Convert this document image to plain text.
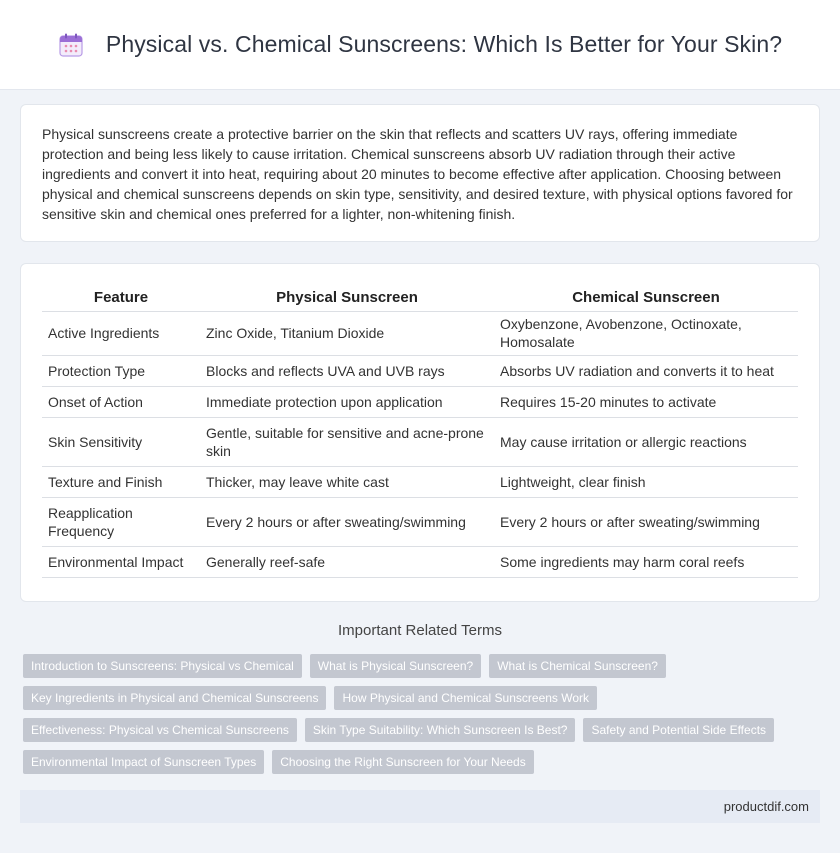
Physical vs. Chemical Sunscreens: Which Is Better for Your Skin?

Physical sunscreens create a protective barrier on the skin that reflects and scatters UV rays, offering immediate protection and being less likely to cause irritation. Chemical sunscreens absorb UV radiation through their active ingredients and convert it into heat, requiring about 20 minutes to become effective after application. Choosing between physical and chemical sunscreens depends on skin type, sensitivity, and desired texture, with physical options favored for sensitive skin and chemical ones preferred for a lighter, non-whitening finish.

Feature	Physical Sunscreen	Chemical Sunscreen
Active Ingredients	Zinc Oxide, Titanium Dioxide	Oxybenzone, Avobenzone, Octinoxate, Homosalate
Protection Type	Blocks and reflects UVA and UVB rays	Absorbs UV radiation and converts it to heat
Onset of Action	Immediate protection upon application	Requires 15-20 minutes to activate
Skin Sensitivity	Gentle, suitable for sensitive and acne-prone skin	May cause irritation or allergic reactions
Texture and Finish	Thicker, may leave white cast	Lightweight, clear finish
Reapplication Frequency	Every 2 hours or after sweating/swimming	Every 2 hours or after sweating/swimming
Environmental Impact	Generally reef-safe	Some ingredients may harm coral reefs
Important Related Terms
Introduction to Sunscreens: Physical vs Chemical	What is Physical Sunscreen?	What is Chemical Sunscreen?
Key Ingredients in Physical and Chemical Sunscreens	How Physical and Chemical Sunscreens Work
Effectiveness: Physical vs Chemical Sunscreens	Skin Type Suitability: Which Sunscreen Is Best?	Safety and Potential Side Effects
Environmental Impact of Sunscreen Types	Choosing the Right Sunscreen for Your Needs
productdif.com
